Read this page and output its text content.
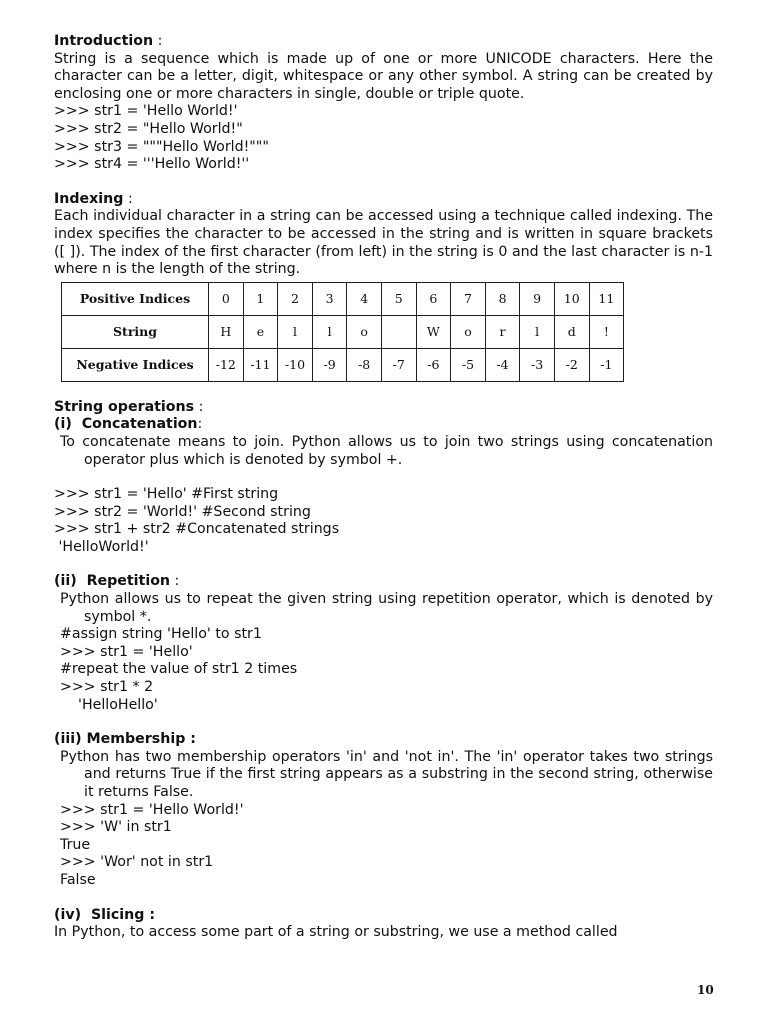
Introduction :

String is a sequence which is made up of one or more UNICODE characters. Here the character can be a letter, digit, whitespace or any other symbol. A string can be created by enclosing one or more characters in single, double or triple quote.

>>> str1 = 'Hello World!'

>>> str2 = "Hello World!"

>>> str3 = """Hello World!"""

>>> str4 = '''Hello World!''

Indexing :

Each individual character in a string can be accessed using a technique called indexing. The index specifies the character to be accessed in the string and is written in square brackets ([ ]). The index of the first character (from left) in the string is 0 and the last character is n-1 where n is the length of the string.

Positive Indices	0	1	2	3	4	5	6	7	8	9	10	11
String	H	e	l	l	o		W	o	r	l	d	!
Negative Indices	-12	-11	-10	-9	-8	-7	-6	-5	-4	-3	-2	-1

String operations :

(i)  Concatenation:

To concatenate means to join. Python allows us to join two strings using concatenation operator plus which is denoted by symbol +.

>>> str1 = 'Hello' #First string

>>> str2 = 'World!' #Second string

>>> str1 + str2 #Concatenated strings

'HelloWorld!'

(ii)  Repetition :

Python allows us to repeat the given string using repetition operator, which is denoted by symbol *.

#assign string 'Hello' to str1

>>> str1 = 'Hello'

#repeat the value of str1 2 times

>>> str1 * 2

'HelloHello'

(iii) Membership :

Python has two membership operators 'in' and 'not in'. The 'in' operator takes two strings and returns True if the first string appears as a substring in the second string, otherwise it returns False.

>>> str1 = 'Hello World!'

>>> 'W' in str1

True

>>> 'Wor' not in str1

False

(iv)  Slicing :

In Python, to access some part of a string or substring, we use a method called

10
